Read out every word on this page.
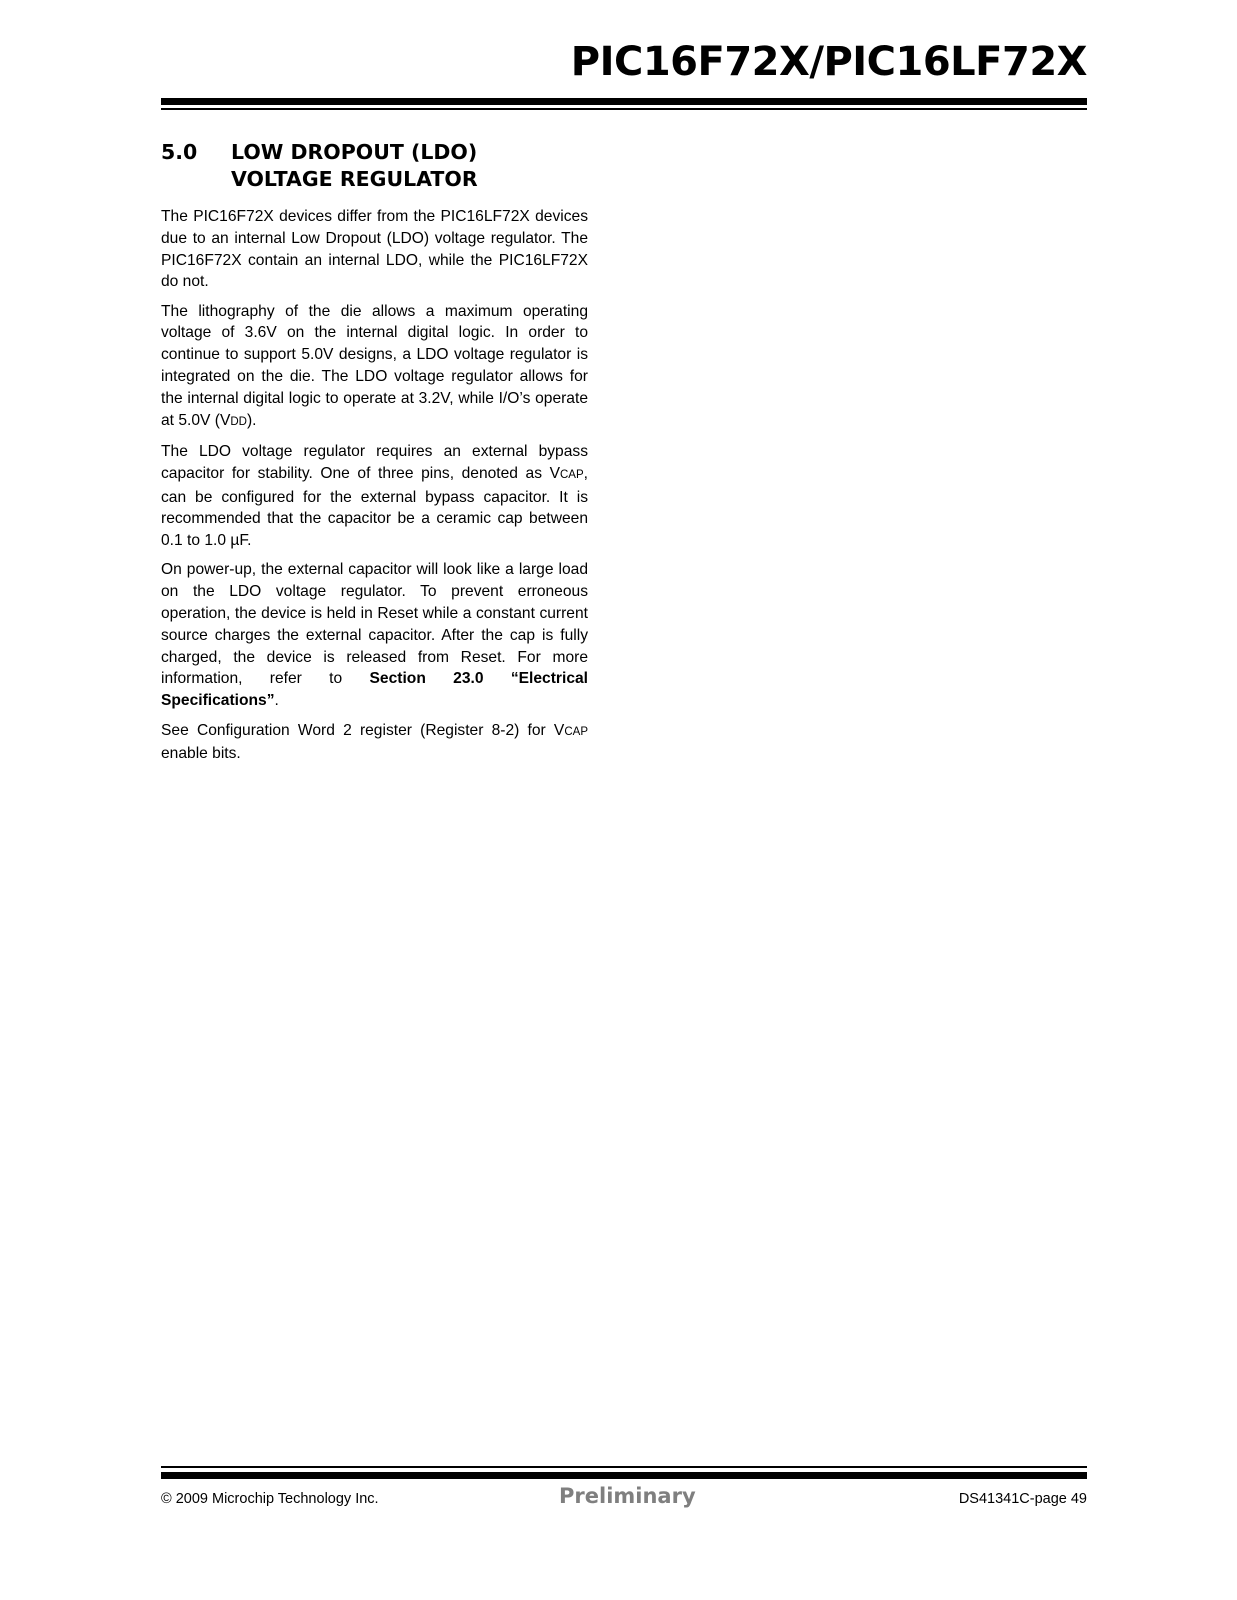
PIC16F72X/PIC16LF72X
5.0 LOW DROPOUT (LDO)
VOLTAGE REGULATOR

The PIC16F72X devices differ from the PIC16LF72X devices due to an internal Low Dropout (LDO) voltage regulator. The PIC16F72X contain an internal LDO, while the PIC16LF72X do not.

The lithography of the die allows a maximum operating voltage of 3.6V on the internal digital logic. In order to continue to support 5.0V designs, a LDO voltage regulator is integrated on the die. The LDO voltage regulator allows for the internal digital logic to operate at 3.2V, while I/O’s operate at 5.0V (VDD).

The LDO voltage regulator requires an external bypass capacitor for stability. One of three pins, denoted as VCAP, can be configured for the external bypass capacitor. It is recommended that the capacitor be a ceramic cap between 0.1 to 1.0 µF.

On power-up, the external capacitor will look like a large load on the LDO voltage regulator. To prevent erroneous operation, the device is held in Reset while a constant current source charges the external capacitor. After the cap is fully charged, the device is released from Reset. For more information, refer to Section 23.0 “Electrical Specifications”.

See Configuration Word 2 register (Register 8-2) for VCAP enable bits.

© 2009 Microchip Technology Inc.	Preliminary	DS41341C-page 49
